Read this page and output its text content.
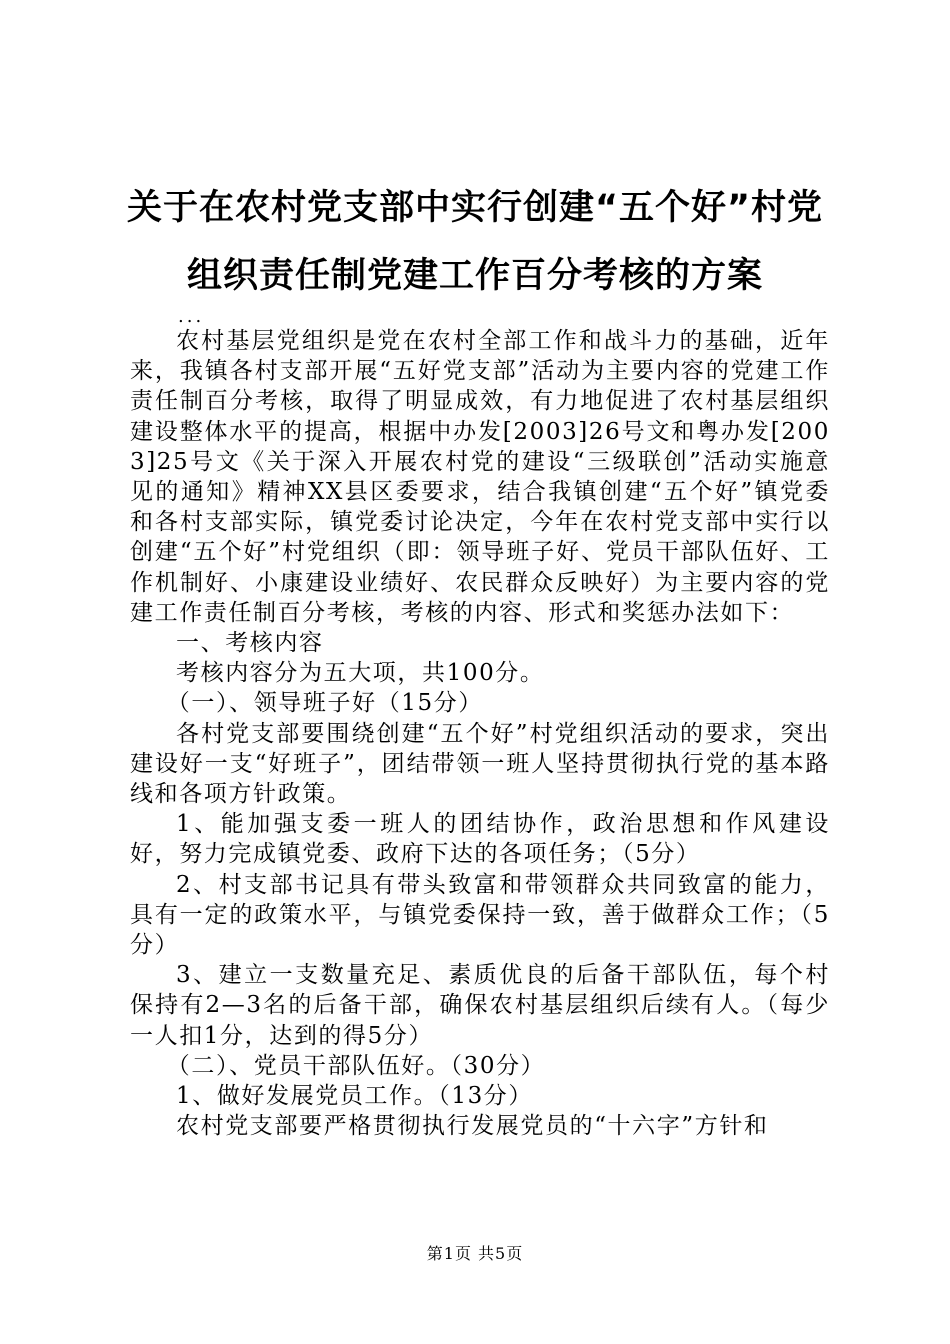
关于在农村党支部中实行创建“五个好”村党
组织责任制党建工作百分考核的方案
...

农村基层党组织是党在农村全部工作和战斗力的基础，近年来，我镇各村支部开展“五好党支部”活动为主要内容的党建工作责任制百分考核，取得了明显成效，有力地促进了农村基层组织建设整体水平的提高，根据中办发[2003]26号文和粤办发[2003]25号文《关于深入开展农村党的建设“三级联创”活动实施意见的通知》精神XX县区委要求，结合我镇创建“五个好”镇党委和各村支部实际，镇党委讨论决定，今年在农村党支部中实行以创建“五个好”村党组织（即：领导班子好、党员干部队伍好、工作机制好、小康建设业绩好、农民群众反映好）为主要内容的党建工作责任制百分考核，考核的内容、形式和奖惩办法如下：

一、考核内容

考核内容分为五大项，共100分。

（一）、领导班子好（15分）

各村党支部要围绕创建“五个好”村党组织活动的要求，突出建设好一支“好班子”，团结带领一班人坚持贯彻执行党的基本路线和各项方针政策。

1、能加强支委一班人的团结协作，政治思想和作风建设好，努力完成镇党委、政府下达的各项任务；（5分）

2、村支部书记具有带头致富和带领群众共同致富的能力，具有一定的政策水平，与镇党委保持一致，善于做群众工作；（5分）

3、建立一支数量充足、素质优良的后备干部队伍，每个村保持有2—3名的后备干部，确保农村基层组织后续有人。（每少一人扣1分，达到的得5分）

（二）、党员干部队伍好。（30分）

1、做好发展党员工作。（13分）

农村党支部要严格贯彻执行发展党员的“十六字”方针和

第1页 共5页
